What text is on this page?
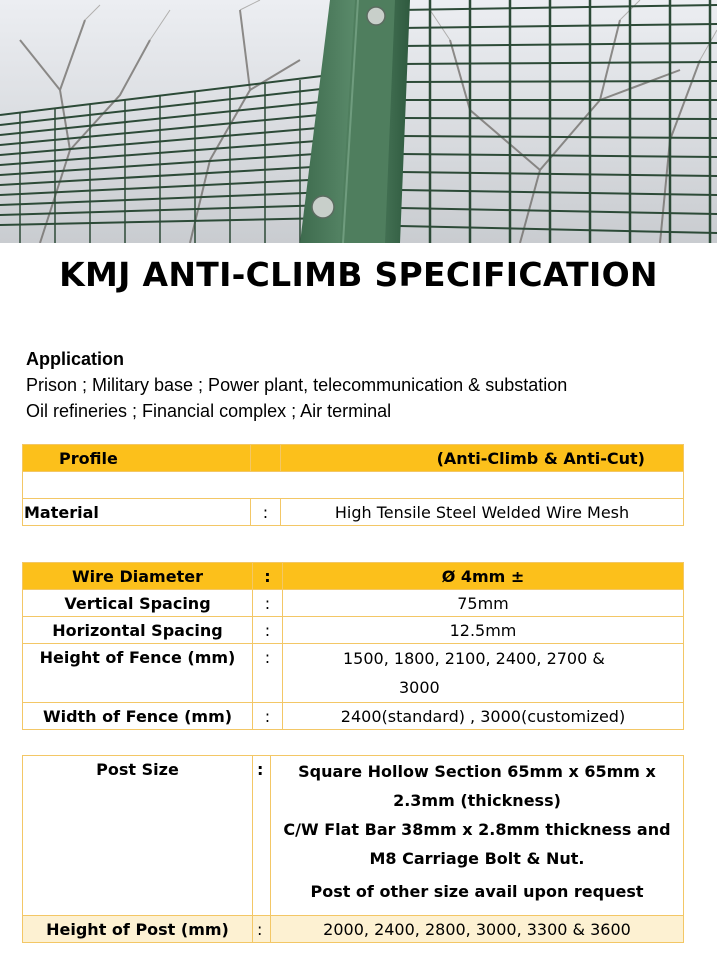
KMJ ANTI-CLIMB SPECIFICATION
Application
Prison ; Military base ; Power plant, telecommunication & substation
Oil refineries ; Financial complex ; Air terminal
Profile		(Anti-Climb & Anti-Cut)

Material	:	High Tensile Steel Welded Wire Mesh
Wire Diameter	:	Ø 4mm ±
Vertical Spacing	:	75mm
Horizontal Spacing	:	12.5mm
Height of Fence (mm)	:	1500, 1800, 2100, 2400, 2700 &
3000

Width of Fence (mm)	:	2400(standard) , 3000(customized)
Post Size	:	Square Hollow Section 65mm x 65mm x
2.3mm (thickness)
C/W Flat Bar 38mm x 2.8mm thickness and
M8 Carriage Bolt & Nut.
Post of other size avail upon request

Height of Post (mm)	:	2000, 2400, 2800, 3000, 3300 & 3600
